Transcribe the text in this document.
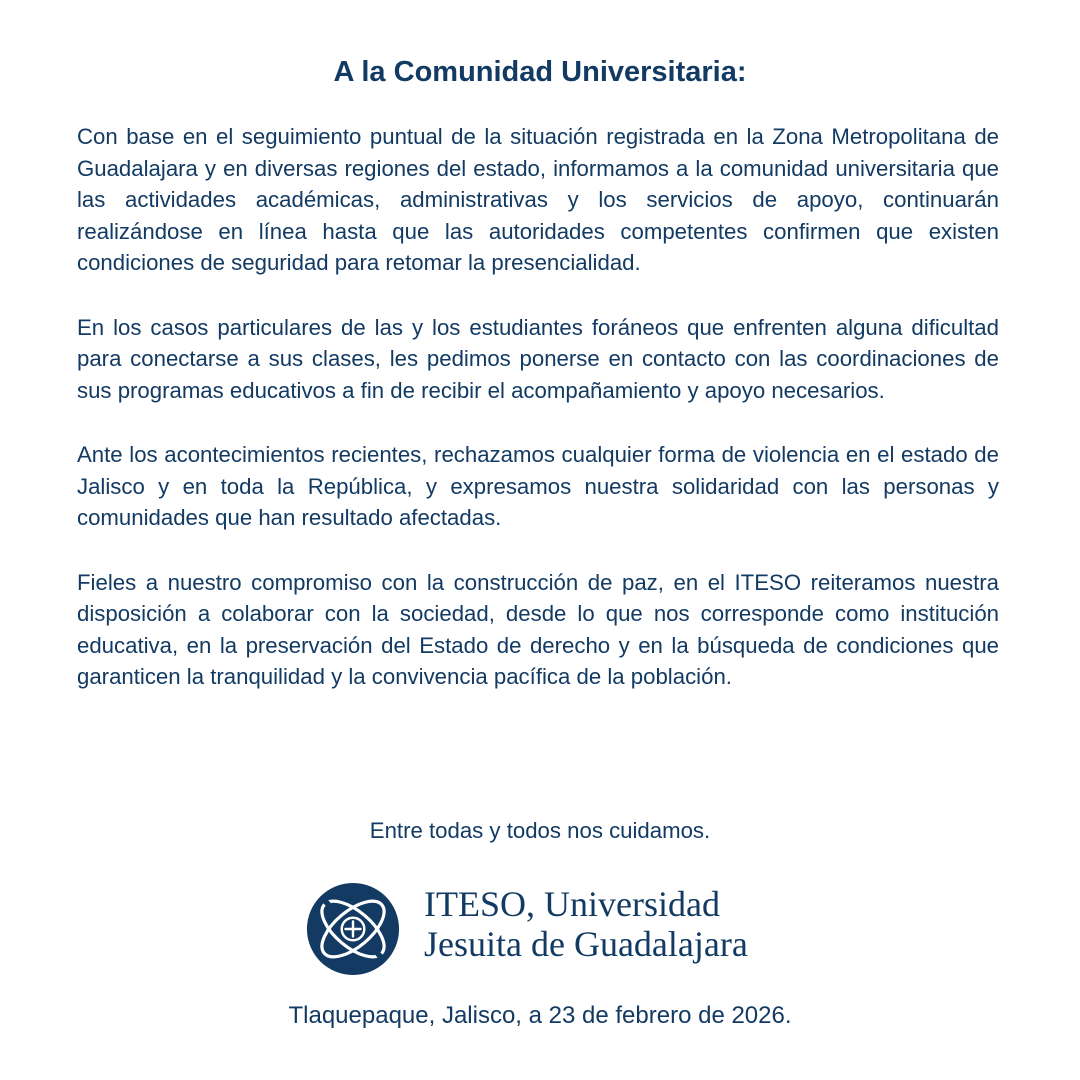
A la Comunidad Universitaria:

Con base en el seguimiento puntual de la situación registrada en la Zona Metropolitana de Guadalajara y en diversas regiones del estado, informamos a la comunidad universitaria que las actividades académicas, administrativas y los servicios de apoyo, continuarán realizándose en línea hasta que las autoridades competentes confirmen que existen condiciones de seguridad para retomar la presencialidad.

En los casos particulares de las y los estudiantes foráneos que enfrenten alguna dificultad para conectarse a sus clases, les pedimos ponerse en contacto con las coordinaciones de sus programas educativos a fin de recibir el acompañamiento y apoyo necesarios.

Ante los acontecimientos recientes, rechazamos cualquier forma de violencia en el estado de Jalisco y en toda la República, y expresamos nuestra solidaridad con las personas y comunidades que han resultado afectadas.

Fieles a nuestro compromiso con la construcción de paz, en el ITESO reiteramos nuestra disposición a colaborar con la sociedad, desde lo que nos corresponde como institución educativa, en la preservación del Estado de derecho y en la búsqueda de condiciones que garanticen la tranquilidad y la convivencia pacífica de la población.

Entre todas y todos nos cuidamos.

ITESO, Universidad
Jesuita de Guadalajara

Tlaquepaque, Jalisco, a 23 de febrero de 2026.
